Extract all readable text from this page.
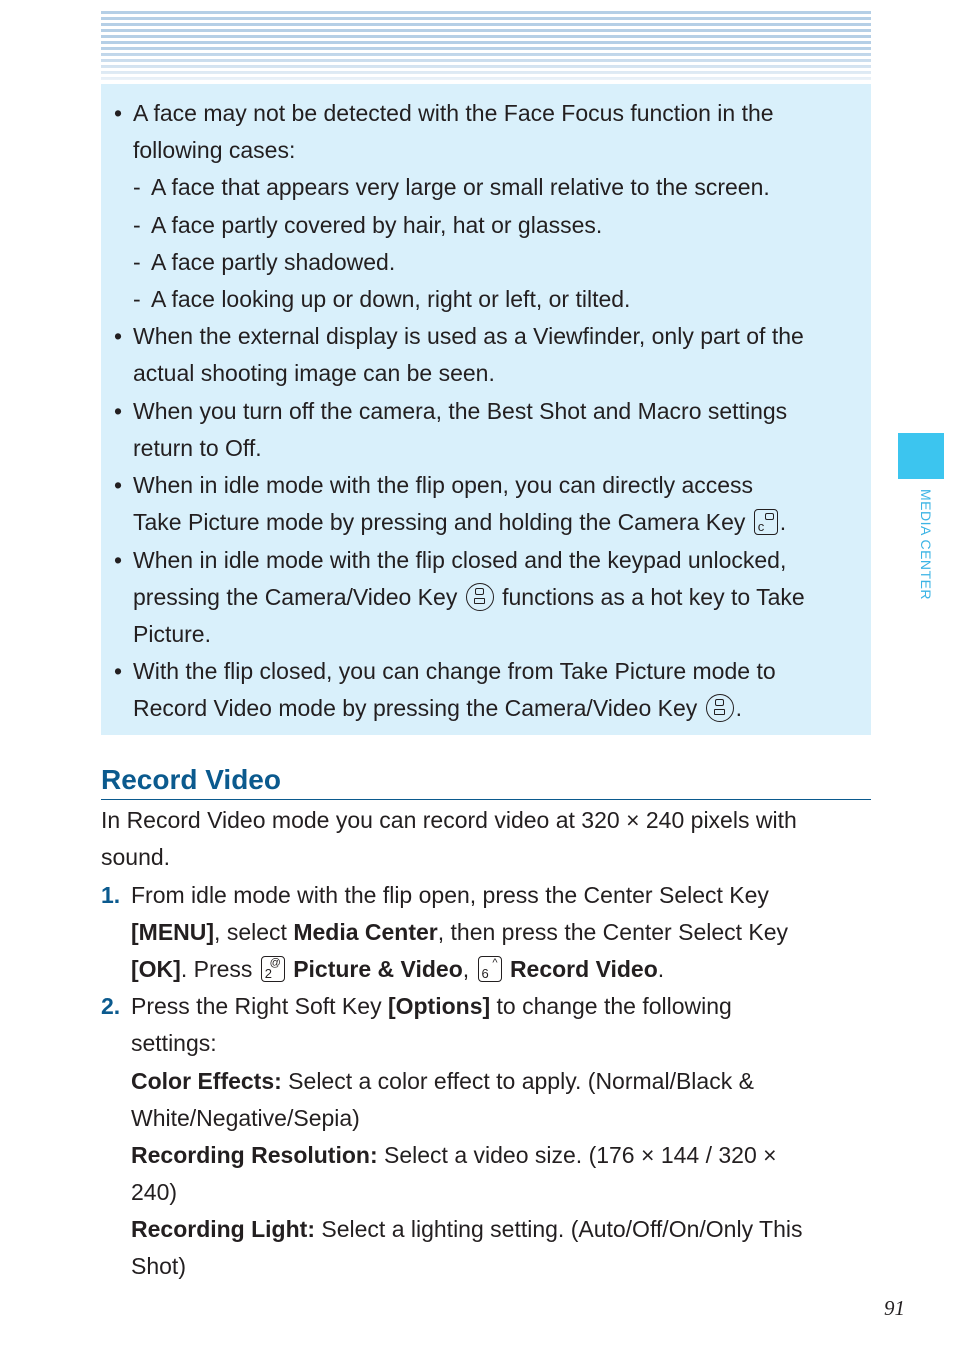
• A face may not be detected with the Face Focus function in the
following cases:
- A face that appears very large or small relative to the screen.
- A face partly covered by hair, hat or glasses.
- A face partly shadowed.
- A face looking up or down, right or left, or tilted.
• When the external display is used as a Viewfinder, only part of the
actual shooting image can be seen.
• When you turn off the camera, the Best Shot and Macro settings
return to Off.
• When in idle mode with the flip open, you can directly access
Take Picture mode by pressing and holding the Camera Key c .
• When in idle mode with the flip closed and the keypad unlocked,
pressing the Camera/Video Key functions as a hot key to Take
Picture.
• With the flip closed, you can change from Take Picture mode to
Record Video mode by pressing the Camera/Video Key .
Record Video
In Record Video mode you can record video at 320 × 240 pixels with
sound.
1. From idle mode with the flip open, press the Center Select Key
[MENU], select Media Center, then press the Center Select Key
[OK]. Press 2
@ Picture & Video, 6
^ Record Video.
2. Press the Right Soft Key [Options] to change the following
settings:
Color Effects: Select a color effect to apply. (Normal/Black &
White/Negative/Sepia)
Recording Resolution: Select a video size. (176 × 144 / 320 ×
240)
Recording Light: Select a lighting setting. (Auto/Off/On/Only This
Shot)
MEDIA CENTER
91
